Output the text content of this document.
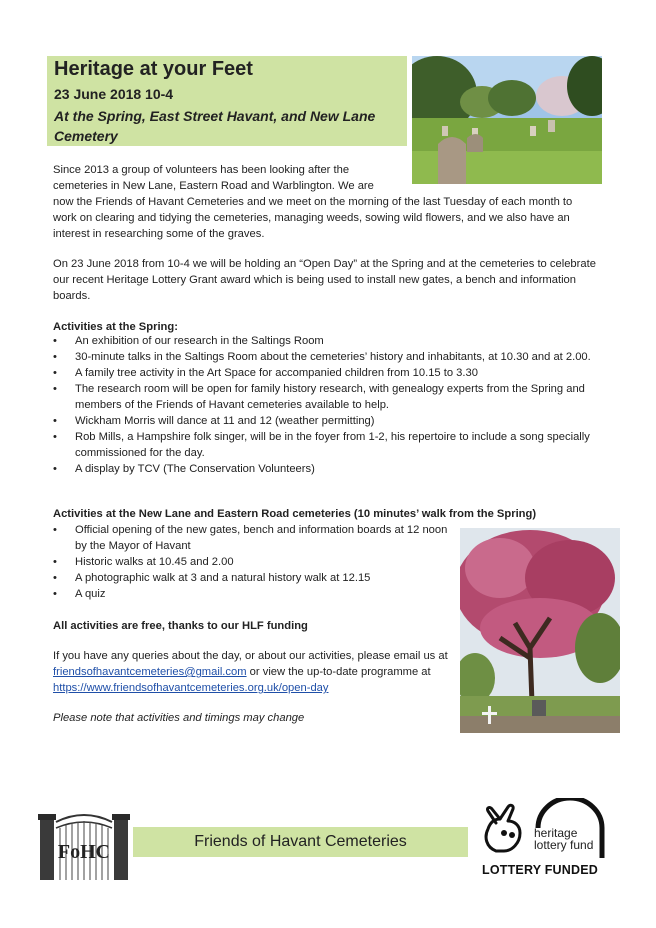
Heritage at your Feet
23 June 2018 10-4
At the Spring, East Street Havant, and New Lane Cemetery
Since 2013 a group of volunteers has been looking after the
cemeteries in New Lane, Eastern Road and Warblington. We are
now the Friends of Havant Cemeteries and we meet on the morning of the last Tuesday of each month to work on clearing and tidying the cemeteries, managing weeds, sowing wild flowers, and we also have an interest in researching some of the graves.
On 23 June 2018 from 10-4 we will be holding an “Open Day” at the Spring and at the cemeteries to celebrate our recent Heritage Lottery Grant award which is being used to install new gates, a bench and information boards.
Activities at the Spring:
• An exhibition of our research in the Saltings Room
• 30-minute talks in the Saltings Room about the cemeteries’ history and inhabitants, at 10.30 and at 2.00.
• A family tree activity in the Art Space for accompanied children from 10.15 to 3.30
• The research room will be open for family history research, with genealogy experts from the Spring and members of the Friends of Havant cemeteries available to help.
• Wickham Morris will dance at 11 and 12 (weather permitting)
• Rob Mills, a Hampshire folk singer, will be in the foyer from 1-2, his repertoire to include a song specially commissioned for the day.
• A display by TCV (The Conservation Volunteers)
Activities at the New Lane and Eastern Road cemeteries (10 minutes’ walk from the Spring)
• Official opening of the new gates, bench and information boards at 12 noon by the Mayor of Havant
• Historic walks at 10.45 and 2.00
• A photographic walk at 3 and a natural history walk at 12.15
• A quiz
All activities are free, thanks to our HLF funding
If you have any queries about the day, or about our activities, please email us at friendsofhavantcemeteries@gmail.com or view the up-to-date programme at https://www.friendsofhavantcemeteries.org.uk/open-day
Please note that activities and timings may change
FoHC	Friends of Havant Cemeteries	heritage
lottery fund
LOTTERY FUNDED
